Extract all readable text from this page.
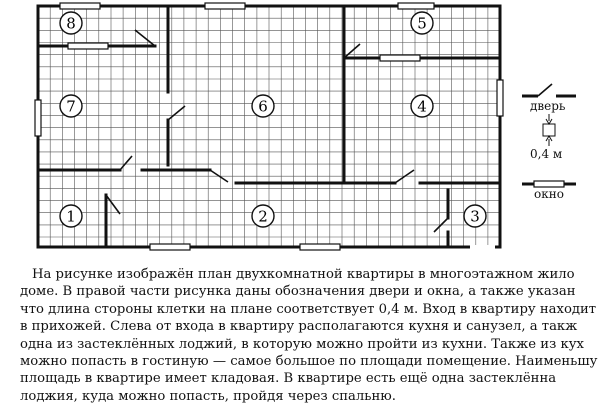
8
7
1
6
2
5
4
3
дверь
0,4 м
окно

На рисунке изображён план двухкомнатной квартиры в многоэтажном жило

доме. В правой части рисунка даны обозначения двери и окна, а также указан

что длина стороны клетки на плане соответствует 0,4 м. Вход в квартиру находит

в прихожей. Слева от входа в квартиру располагаются кухня и санузел, а такж

одна из застеклённых лоджий, в которую можно пройти из кухни. Также из кух

можно попасть в гостиную — самое большое по площади помещение. Наименьшу

площадь в квартире имеет кладовая. В квартире есть ещё одна застеклённа

лоджия, куда можно попасть, пройдя через спальню.
